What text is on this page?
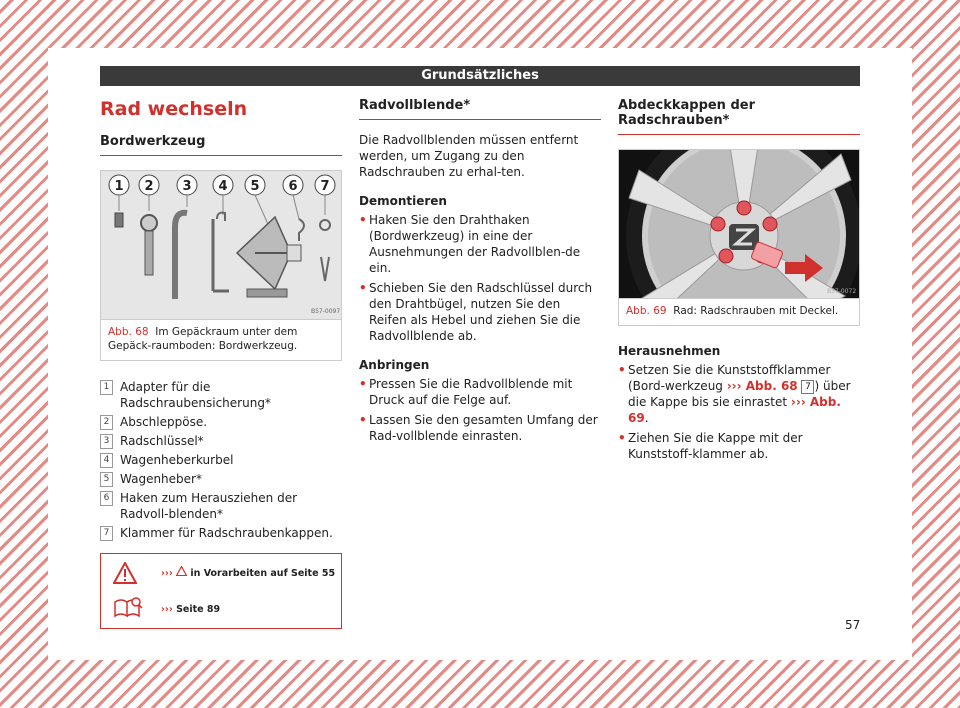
Grundsätzliches
Rad wechseln
Bordwerkzeug
1 2 3 4 5 6 7
B57-0097
Abb. 68 Im Gepäckraum unter dem Gepäck-raumboden: Bordwerkzeug.
1 Adapter für die Radschraubensicherung*
2 Abschleppöse.
3 Radschlüssel*
4 Wagenheberkurbel
5 Wagenheber*
6 Haken zum Herausziehen der Radvoll-blenden*
7 Klammer für Radschraubenkappen.
››› in Vorarbeiten auf Seite 55
››› Seite 89
Radvollblende*

Die Radvollblenden müssen entfernt werden, um Zugang zu den Radschrauben zu erhal-ten.

Demontieren
• Haken Sie den Drahthaken (Bordwerkzeug) in eine der Ausnehmungen der Radvollblen-de ein.
• Schieben Sie den Radschlüssel durch den Drahtbügel, nutzen Sie den Reifen als Hebel und ziehen Sie die Radvollblende ab.
Anbringen
• Pressen Sie die Radvollblende mit Druck auf die Felge auf.
• Lassen Sie den gesamten Umfang der Rad-vollblende einrasten.
Abdeckkappen der Radschrauben*
B57-0072
Abb. 69 Rad: Radschrauben mit Deckel.
Herausnehmen
• Setzen Sie die Kunststoffklammer (Bord-werkzeug ››› Abb. 68 7 ) über die Kappe bis sie einrastet ››› Abb. 69.
• Ziehen Sie die Kappe mit der Kunststoff-klammer ab.
57
